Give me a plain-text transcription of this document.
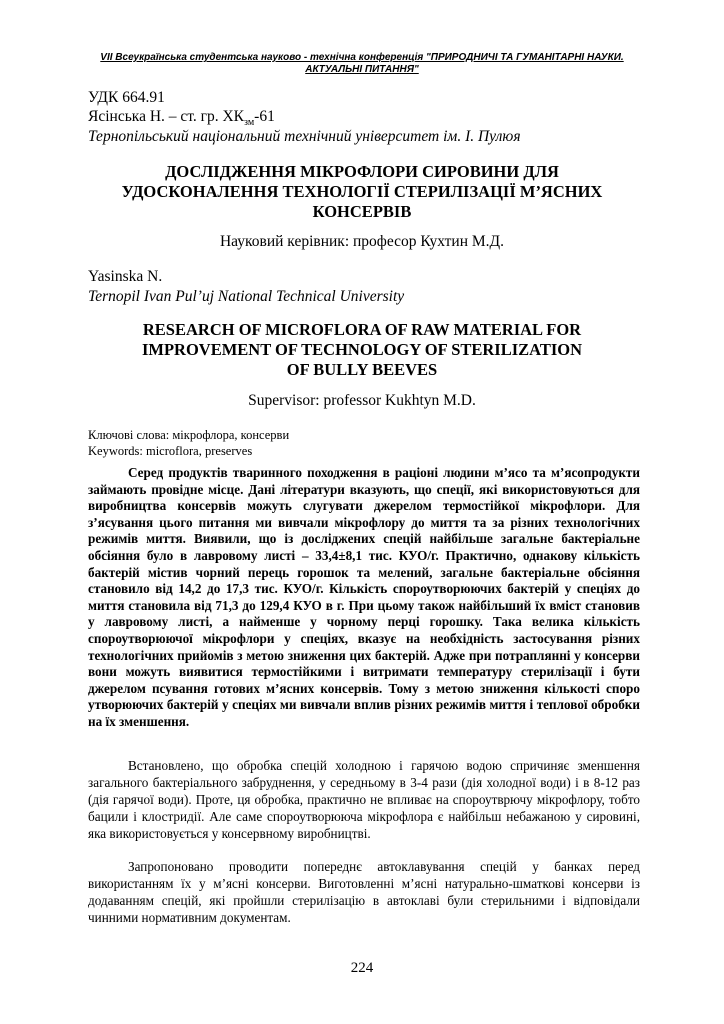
VII Всеукраїнська студентська науково - технічна конференція "ПРИРОДНИЧІ ТА ГУМАНІТАРНІ НАУКИ.
АКТУАЛЬНІ ПИТАННЯ"
УДК 664.91
Ясінська Н. – ст. гр. $ХК_{зм}-61$
Тернопільський національний технічний університет ім. І. Пулюя
ДОСЛІДЖЕННЯ МІКРОФЛОРИ СИРОВИНИ ДЛЯ
УДОСКОНАЛЕННЯ ТЕХНОЛОГІЇ СТЕРИЛІЗАЦІЇ М’ЯСНИХ
КОНСЕРВІВ
Науковий керівник: професор Кухтин М.Д.
Yasinska N.
Ternopil Ivan Pul’uj National Technical University
RESEARCH OF MICROFLORA OF RAW MATERIAL FOR
IMPROVEMENT OF TECHNOLOGY OF STERILIZATION
OF BULLY BEEVES
Supervisor: professor Kukhtyn M.D.
Ключові слова: мікрофлора, консерви
Keywords: microflora, preserves

Серед продуктів тваринного походження в раціоні людини м’ясо та м’ясопродукти займають провідне місце. Дані літератури вказують, що спеції, які використовуються для виробництва консервів можуть слугувати джерелом термостійкої мікрофлори. Для з’ясування цього питання ми вивчали мікрофлору до миття та за різних технологічних режимів миття. Виявили, що із досліджених спецій найбільше загальне бактеріальне обсіяння було в лавровому листі – 33,4±8,1 тис. КУО/г. Практично, однакову кількість бактерій містив чорний перець горошок та мелений, загальне бактеріальне обсіяння становило від 14,2 до 17,3 тис. КУО/г. Кількість спороутворюючих бактерій у спеціях до миття становила від 71,3 до 129,4 КУО в г. При цьому також найбільший їх вміст становив у лавровому листі, а найменше у чорному перці горошку. Така велика кількість спороутворюючої мікрофлори у спеціях, вказує на необхідність застосування різних технологічних прийомів з метою зниження цих бактерій. Адже при потраплянні у консерви вони можуть виявитися термостійкими і витримати температуру стерилізації і бути джерелом псування готових м’ясних консервів. Тому з метою зниження кількості споро утворюючих бактерій у спеціях ми вивчали вплив різних режимів миття і теплової обробки на їх зменшення.

Встановлено, що обробка спецій холодною і гарячою водою спричиняє зменшення загального бактеріального забруднення, у середньому в 3-4 рази (дія холодної води) і в 8-12 раз (дія гарячої води). Проте, ця обробка, практично не впливає на спороутврючу мікрофлору, тобто бацили і клостридії. Але саме спороутворююча мікрофлора є найбільш небажаною у сировині, яка використовується у консервному виробництві.

Запропоновано проводити попереднє автоклавування спецій у банках перед використанням їх у м’ясні консерви. Виготовленні м’ясні натурально-шматкові консерви із додаванням спецій, які пройшли стерилізацію в автоклаві були стерильними і відповідали чинними нормативним документам.

224
